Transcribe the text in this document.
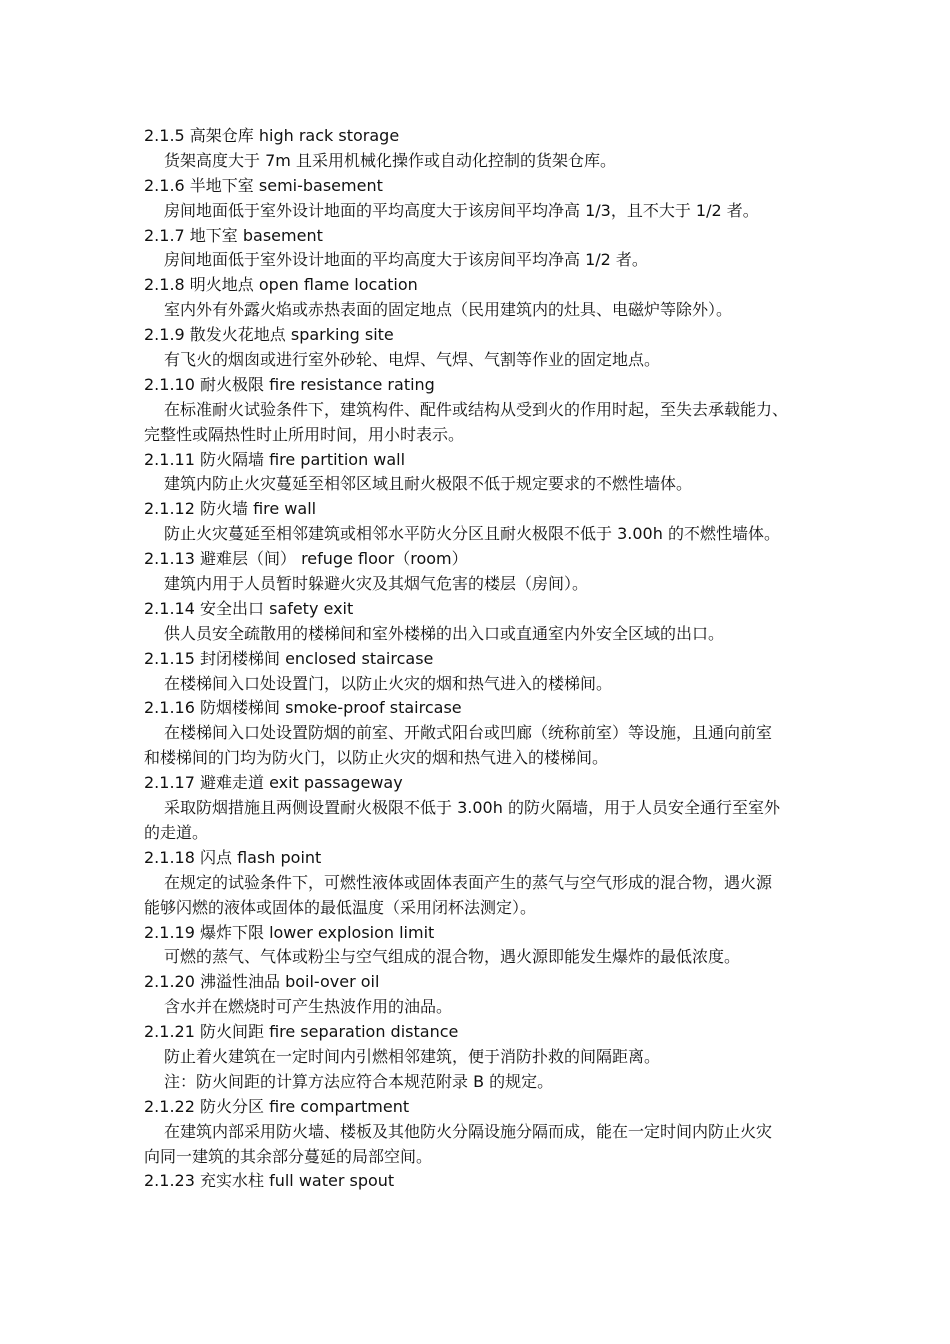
2.1.5 高架仓库 high rack storage
货架高度大于 7m 且采用机械化操作或自动化控制的货架仓库。
2.1.6 半地下室 semi-basement
房间地面低于室外设计地面的平均高度大于该房间平均净高 1/3，且不大于 1/2 者。
2.1.7 地下室 basement
房间地面低于室外设计地面的平均高度大于该房间平均净高 1/2 者。
2.1.8 明火地点 open flame location
室内外有外露火焰或赤热表面的固定地点（民用建筑内的灶具、电磁炉等除外）。
2.1.9 散发火花地点 sparking site
有飞火的烟囱或进行室外砂轮、电焊、气焊、气割等作业的固定地点。
2.1.10 耐火极限 fire resistance rating
在标准耐火试验条件下，建筑构件、配件或结构从受到火的作用时起，至失去承载能力、
完整性或隔热性时止所用时间，用小时表示。
2.1.11 防火隔墙 fire partition wall
建筑内防止火灾蔓延至相邻区域且耐火极限不低于规定要求的不燃性墙体。
2.1.12 防火墙 fire wall
防止火灾蔓延至相邻建筑或相邻水平防火分区且耐火极限不低于 3.00h 的不燃性墙体。
2.1.13 避难层（间） refuge floor（room）
建筑内用于人员暂时躲避火灾及其烟气危害的楼层（房间）。
2.1.14 安全出口 safety exit
供人员安全疏散用的楼梯间和室外楼梯的出入口或直通室内外安全区域的出口。
2.1.15 封闭楼梯间 enclosed staircase
在楼梯间入口处设置门，以防止火灾的烟和热气进入的楼梯间。
2.1.16 防烟楼梯间 smoke-proof staircase
在楼梯间入口处设置防烟的前室、开敞式阳台或凹廊（统称前室）等设施，且通向前室
和楼梯间的门均为防火门，以防止火灾的烟和热气进入的楼梯间。
2.1.17 避难走道 exit passageway
采取防烟措施且两侧设置耐火极限不低于 3.00h 的防火隔墙，用于人员安全通行至室外
的走道。
2.1.18 闪点 flash point
在规定的试验条件下，可燃性液体或固体表面产生的蒸气与空气形成的混合物，遇火源
能够闪燃的液体或固体的最低温度（采用闭杯法测定）。
2.1.19 爆炸下限 lower explosion limit
可燃的蒸气、气体或粉尘与空气组成的混合物，遇火源即能发生爆炸的最低浓度。
2.1.20 沸溢性油品 boil-over oil
含水并在燃烧时可产生热波作用的油品。
2.1.21 防火间距 fire separation distance
防止着火建筑在一定时间内引燃相邻建筑，便于消防扑救的间隔距离。
注：防火间距的计算方法应符合本规范附录 B 的规定。
2.1.22 防火分区 fire compartment
在建筑内部采用防火墙、楼板及其他防火分隔设施分隔而成，能在一定时间内防止火灾
向同一建筑的其余部分蔓延的局部空间。
2.1.23 充实水柱 full water spout
